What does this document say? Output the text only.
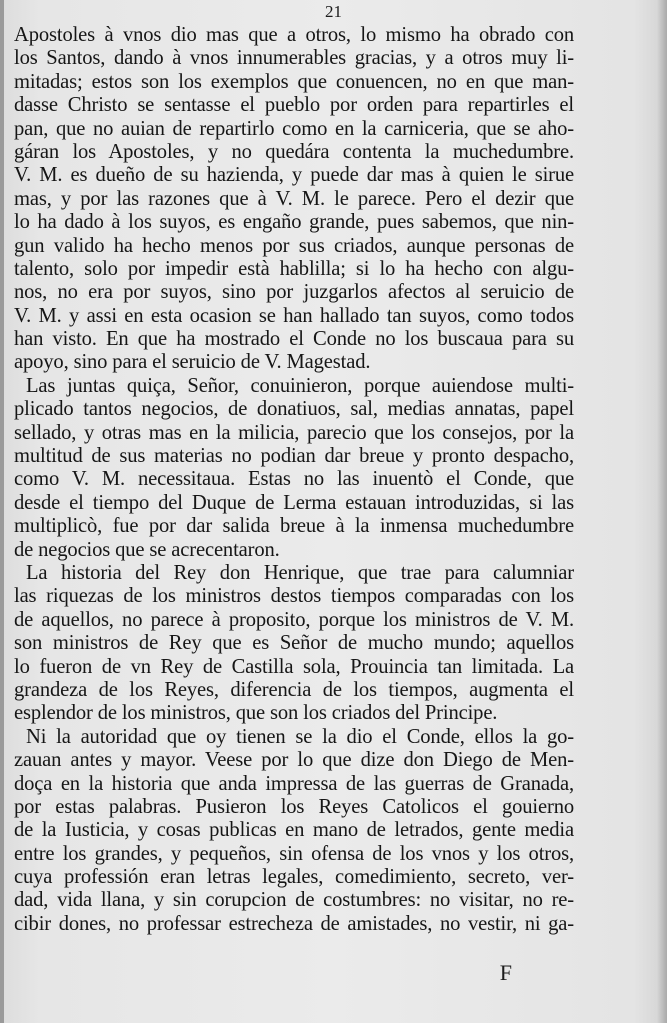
21

Apostoles à vnos dio mas que a otros, lo mismo ha obrado con
los Santos, dando à vnos innumerables gracias, y a otros muy li-
mitadas; estos son los exemplos que conuencen, no en que man-
dasse Christo se sentasse el pueblo por orden para repartirles el
pan, que no auian de repartirlo como en la carniceria, que se aho-
gáran los Apostoles, y no quedára contenta la muchedumbre.
V. M. es dueño de su hazienda, y puede dar mas à quien le sirue
mas, y por las razones que à V. M. le parece. Pero el dezir que
lo ha dado à los suyos, es engaño grande, pues sabemos, que nin-
gun valido ha hecho menos por sus criados, aunque personas de
talento, solo por impedir està hablilla; si lo ha hecho con algu-
nos, no era por suyos, sino por juzgarlos afectos al seruicio de
V. M. y assi en esta ocasion se han hallado tan suyos, como todos
han visto. En que ha mostrado el Conde no los buscaua para su
apoyo, sino para el seruicio de V. Magestad.

Las juntas quiça, Señor, conuinieron, porque auiendose multi-
plicado tantos negocios, de donatiuos, sal, medias annatas, papel
sellado, y otras mas en la milicia, parecio que los consejos, por la
multitud de sus materias no podian dar breue y pronto despacho,
como V. M. necessitaua. Estas no las inuentò el Conde, que
desde el tiempo del Duque de Lerma estauan introduzidas, si las
multiplicò, fue por dar salida breue à la inmensa muchedumbre
de negocios que se acrecentaron.

La historia del Rey don Henrique, que trae para calumniar
las riquezas de los ministros destos tiempos comparadas con los
de aquellos, no parece à proposito, porque los ministros de V. M.
son ministros de Rey que es Señor de mucho mundo; aquellos
lo fueron de vn Rey de Castilla sola, Prouincia tan limitada. La
grandeza de los Reyes, diferencia de los tiempos, augmenta el
esplendor de los ministros, que son los criados del Principe.

Ni la autoridad que oy tienen se la dio el Conde, ellos la go-
zauan antes y mayor. Veese por lo que dize don Diego de Men-
doça en la historia que anda impressa de las guerras de Granada,
por estas palabras. Pusieron los Reyes Catolicos el gouierno
de la Iusticia, y cosas publicas en mano de letrados, gente media
entre los grandes, y pequeños, sin ofensa de los vnos y los otros,
cuya professión eran letras legales, comedimiento, secreto, ver-
dad, vida llana, y sin corupcion de costumbres: no visitar, no re-
cibir dones, no professar estrecheza de amistades, no vestir, ni ga-

F
